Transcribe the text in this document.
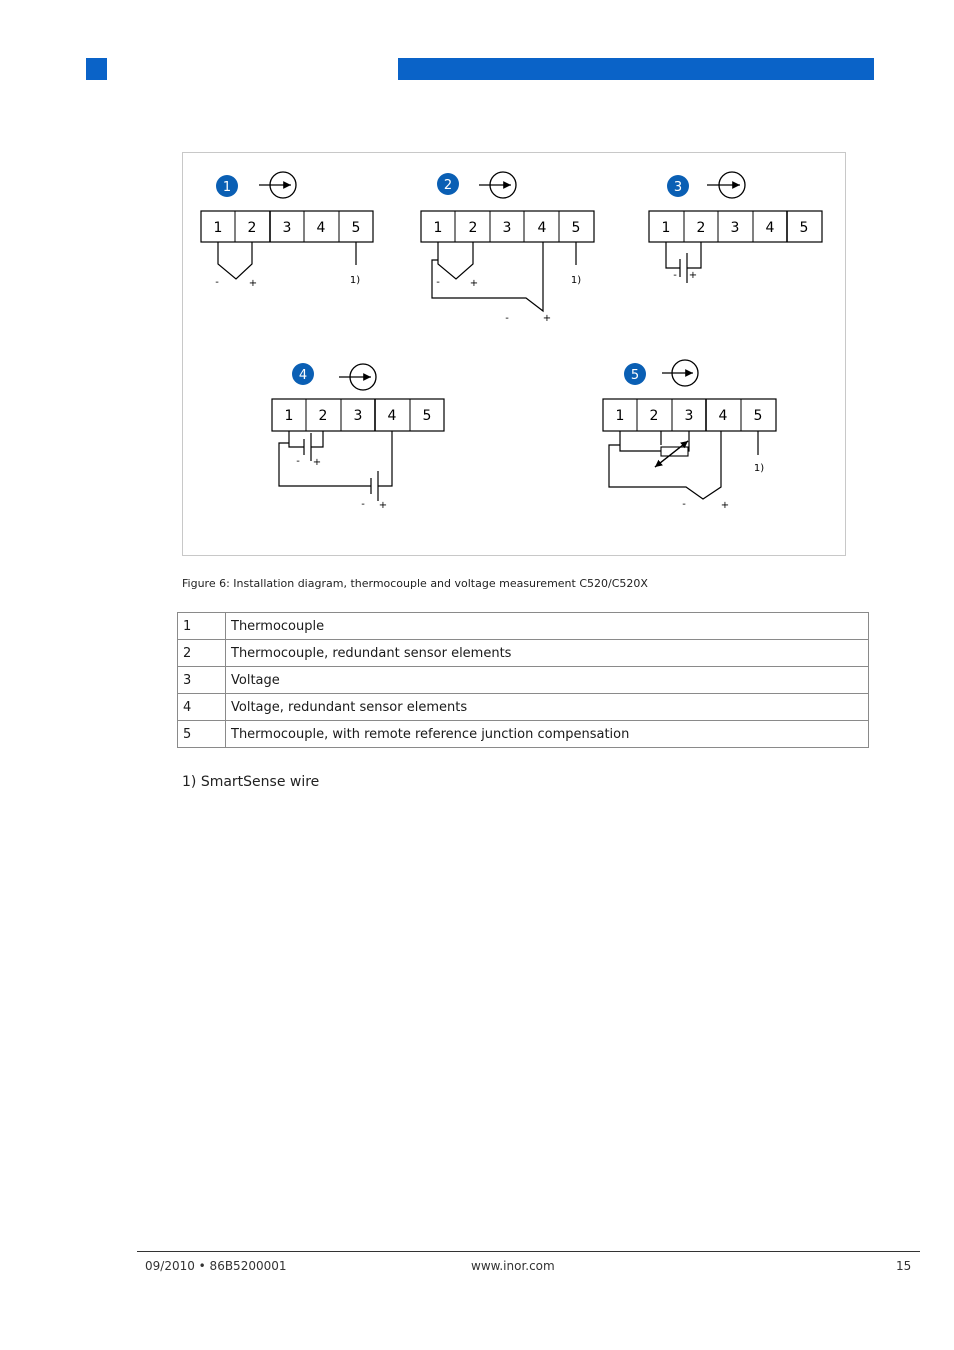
1
1 2 3 4 5
-	+	1)
2
1 2 3 4 5
-	+
-	+
1)
3
1 2 3 4 5
- +
4
1 2 3 4 5
- +
- +
5
1 2 3 4 5
-	+
1)
Figure 6: Installation diagram, thermocouple and voltage measurement C520/C520X
1	Thermocouple
2	Thermocouple, redundant sensor elements
3	Voltage
4	Voltage, redundant sensor elements
5	Thermocouple, with remote reference junction compensation
1) SmartSense wire
09/2010 • 86B5200001	www.inor.com	15
